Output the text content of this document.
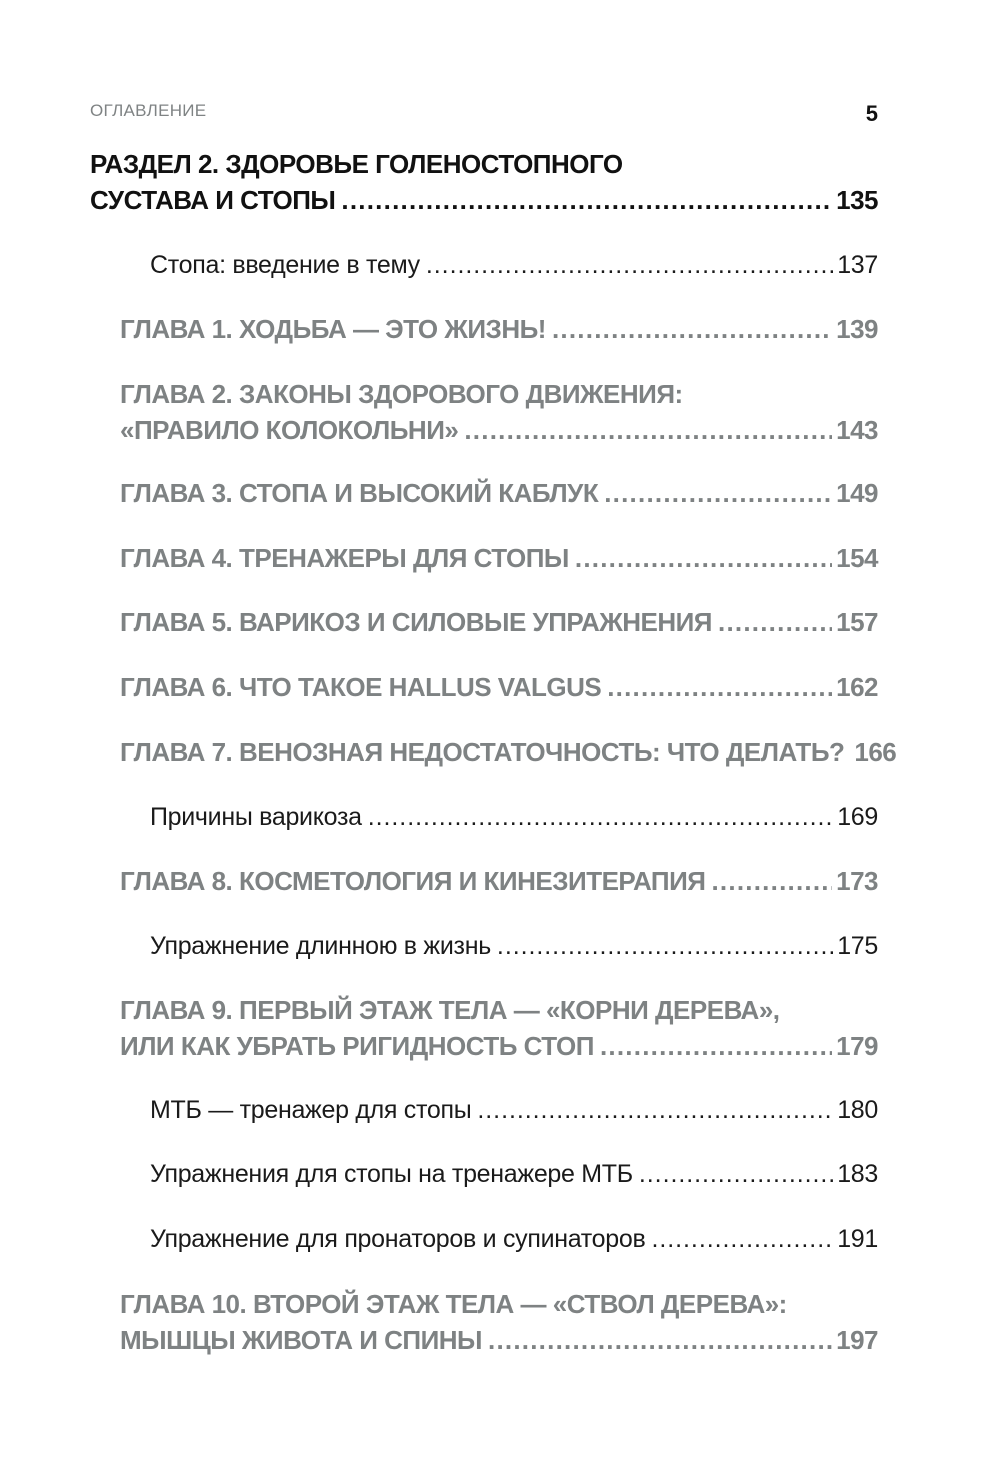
ОГЛАВЛЕНИЕ	5
РАЗДЕЛ 2. ЗДОРОВЬЕ ГОЛЕНОСТОПНОГО
СУСТАВА И СТОПЫ . . .	135
Стопа: введение в тему . . .	137
ГЛАВА 1. ХОДЬБА — ЭТО ЖИЗНЬ! . . .	139
ГЛАВА 2. ЗАКОНЫ ЗДОРОВОГО ДВИЖЕНИЯ:
«ПРАВИЛО КОЛОКОЛЬНИ» . . .	143
ГЛАВА 3. СТОПА И ВЫСОКИЙ КАБЛУК . . .	149
ГЛАВА 4. ТРЕНАЖЕРЫ ДЛЯ СТОПЫ . . .	154
ГЛАВА 5. ВАРИКОЗ И СИЛОВЫЕ УПРАЖНЕНИЯ . . .	157
ГЛАВА 6. ЧТО ТАКОЕ HALLUS VALGUS . . .	162
ГЛАВА 7. ВЕНОЗНАЯ НЕДОСТАТОЧНОСТЬ: ЧТО ДЕЛАТЬ? 166
Причины варикоза . . .	169
ГЛАВА 8. КОСМЕТОЛОГИЯ И КИНЕЗИТЕРАПИЯ . . .	173
Упражнение длинною в жизнь . . .	175
ГЛАВА 9. ПЕРВЫЙ ЭТАЖ ТЕЛА — «КОРНИ ДЕРЕВА»,
ИЛИ КАК УБРАТЬ РИГИДНОСТЬ СТОП . . .	179
МТБ — тренажер для стопы . . .	180
Упражнения для стопы на тренажере МТБ . . .	183
Упражнение для пронаторов и супинаторов . . .	191
ГЛАВА 10. ВТОРОЙ ЭТАЖ ТЕЛА — «СТВОЛ ДЕРЕВА»:
МЫШЦЫ ЖИВОТА И СПИНЫ . . .	197
